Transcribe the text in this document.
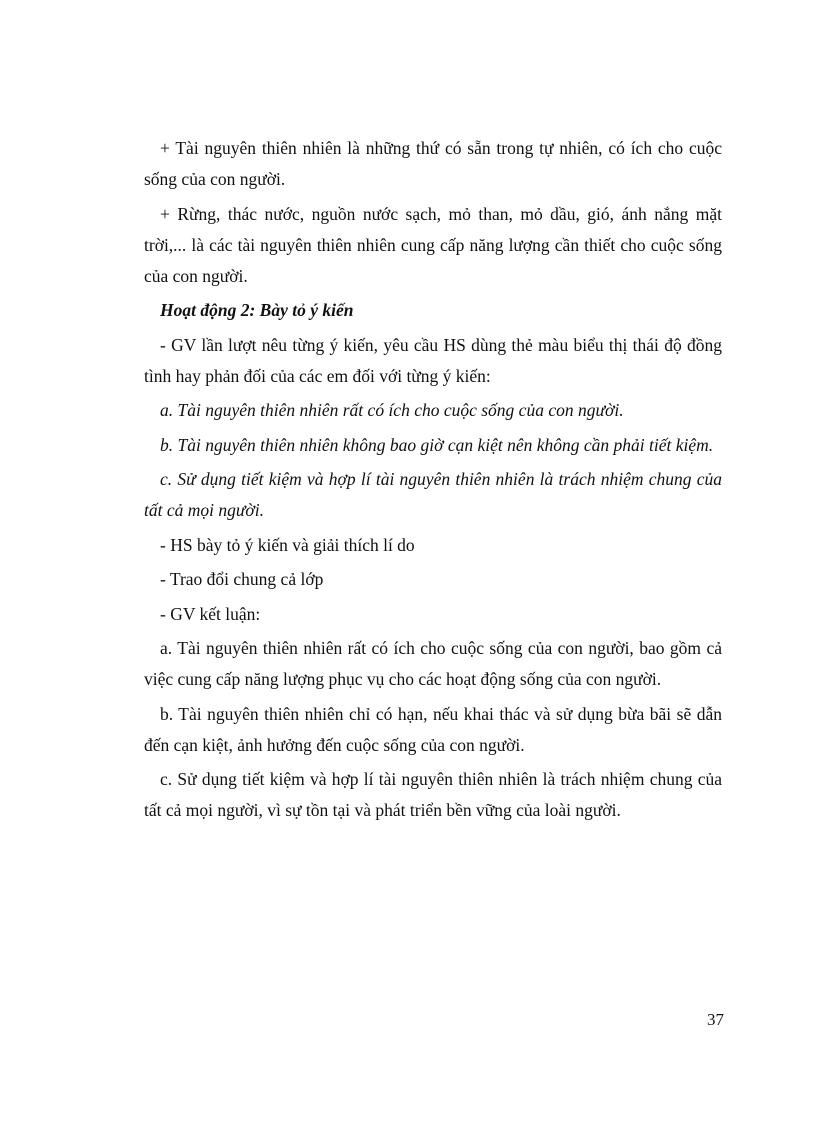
+ Tài nguyên thiên nhiên là những thứ có sẵn trong tự nhiên, có ích cho cuộc sống của con người.

+ Rừng, thác nước, nguồn nước sạch, mỏ than, mỏ dầu, gió, ánh nắng mặt trời,... là các tài nguyên thiên nhiên cung cấp năng lượng cần thiết cho cuộc sống của con người.

Hoạt động 2: Bày tỏ ý kiến

- GV lần lượt nêu từng ý kiến, yêu cầu HS dùng thẻ màu biểu thị thái độ đồng tình hay phản đối của các em đối với từng ý kiến:

a. Tài nguyên thiên nhiên rất có ích cho cuộc sống của con người.

b. Tài nguyên thiên nhiên không bao giờ cạn kiệt nên không cần phải tiết kiệm.

c. Sử dụng tiết kiệm và hợp lí tài nguyên thiên nhiên là trách nhiệm chung của tất cả mọi người.

- HS bày tỏ ý kiến và giải thích lí do

- Trao đổi chung cả lớp

- GV kết luận:

a. Tài nguyên thiên nhiên rất có ích cho cuộc sống của con người, bao gồm cả việc cung cấp năng lượng phục vụ cho các hoạt động sống của con người.

b. Tài nguyên thiên nhiên chỉ có hạn, nếu khai thác và sử dụng bừa bãi sẽ dẫn đến cạn kiệt, ảnh hưởng đến cuộc sống của con người.

c. Sử dụng tiết kiệm và hợp lí tài nguyên thiên nhiên là trách nhiệm chung của tất cả mọi người, vì sự tồn tại và phát triển bền vững của loài người.

37
